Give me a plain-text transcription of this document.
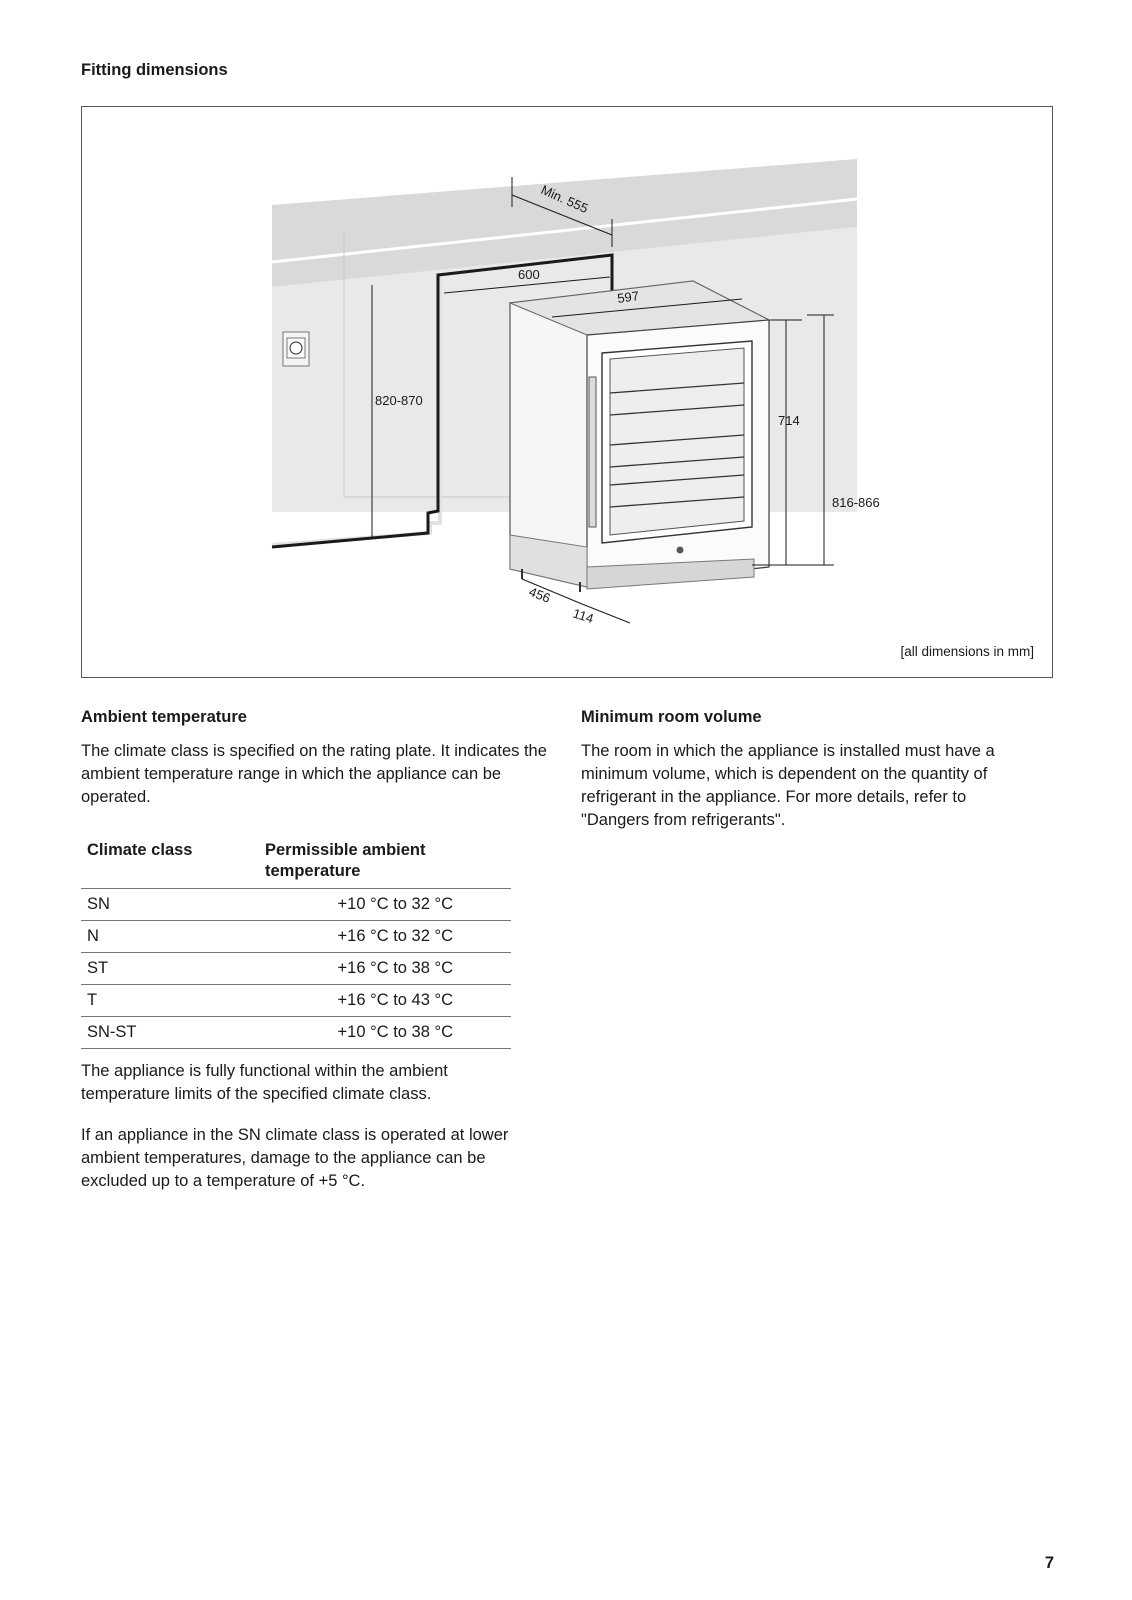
Fitting dimensions
Min. 555
600
597
820-870
714
816-866
456
114
[all dimensions in mm]
Ambient temperature
The climate class is specified on the rating plate. It indicates the ambient temperature range in which the appliance can be operated.
Climate class	Permissible ambient temperature
SN	+10 °C to 32 °C
N	+16 °C to 32 °C
ST	+16 °C to 38 °C
T	+16 °C to 43 °C
SN-ST	+10 °C to 38 °C
The appliance is fully functional within the ambient temperature limits of the specified climate class.
If an appliance in the SN climate class is operated at lower ambient temperatures, damage to the appliance can be excluded up to a temperature of +5 °C.
Minimum room volume
The room in which the appliance is installed must have a minimum volume, which is dependent on the quantity of refrigerant in the appliance. For more details, refer to "Dangers from refrigerants".
7
